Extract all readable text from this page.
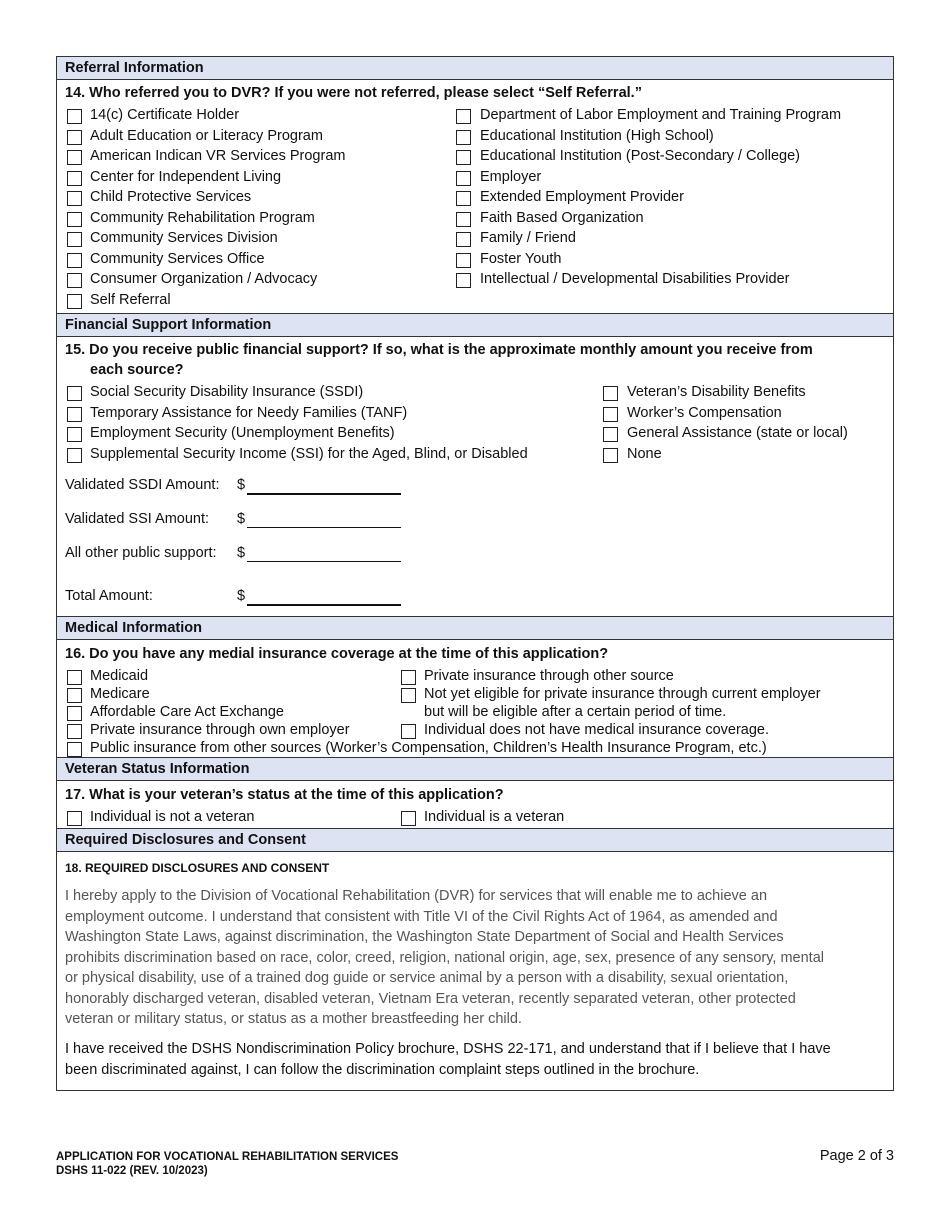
Referral Information
14. Who referred you to DVR? If you were not referred, please select “Self Referral.”
14(c) Certificate Holder
Adult Education or Literacy Program
American Indican VR Services Program
Center for Independent Living
Child Protective Services
Community Rehabilitation Program
Community Services Division
Community Services Office
Consumer Organization / Advocacy
Self Referral
Department of Labor Employment and Training Program
Educational Institution (High School)
Educational Institution (Post-Secondary / College)
Employer
Extended Employment Provider
Faith Based Organization
Family / Friend
Foster Youth
Intellectual / Developmental Disabilities Provider
Financial Support Information
15. Do you receive public financial support? If so, what is the approximate monthly amount you receive from
each source?
Social Security Disability Insurance (SSDI)
Temporary Assistance for Needy Families (TANF)
Employment Security (Unemployment Benefits)
Supplemental Security Income (SSI) for the Aged, Blind, or Disabled
Veteran’s Disability Benefits
Worker’s Compensation
General Assistance (state or local)
None
Validated SSDI Amount: $
Validated SSI Amount: $
All other public support: $
Total Amount:	$
Medical Information
16. Do you have any medial insurance coverage at the time of this application?
Medicaid
Medicare
Affordable Care Act Exchange
Private insurance through own employer
Private insurance through other source
Not yet eligible for private insurance through current employer
Individual does not have medical insurance coverage.
but will be eligible after a certain period of time.
Public insurance from other sources (Worker’s Compensation, Children’s Health Insurance Program, etc.)
Veteran Status Information
17. What is your veteran’s status at the time of this application?
Individual is not a veteran	Individual is a veteran
Required Disclosures and Consent
18. REQUIRED DISCLOSURES AND CONSENT
I hereby apply to the Division of Vocational Rehabilitation (DVR) for services that will enable me to achieve an
employment outcome. I understand that consistent with Title VI of the Civil Rights Act of 1964, as amended and
Washington State Laws, against discrimination, the Washington State Department of Social and Health Services
prohibits discrimination based on race, color, creed, religion, national origin, age, sex, presence of any sensory, mental
or physical disability, use of a trained dog guide or service animal by a person with a disability, sexual orientation,
honorably discharged veteran, disabled veteran, Vietnam Era veteran, recently separated veteran, other protected
veteran or military status, or status as a mother breastfeeding her child.
I have received the DSHS Nondiscrimination Policy brochure, DSHS 22-171, and understand that if I believe that I have
been discriminated against, I can follow the discrimination complaint steps outlined in the brochure.
APPLICATION FOR VOCATIONAL REHABILITATION SERVICES
DSHS 11-022 (REV. 10/2023)
Page 2 of 3
